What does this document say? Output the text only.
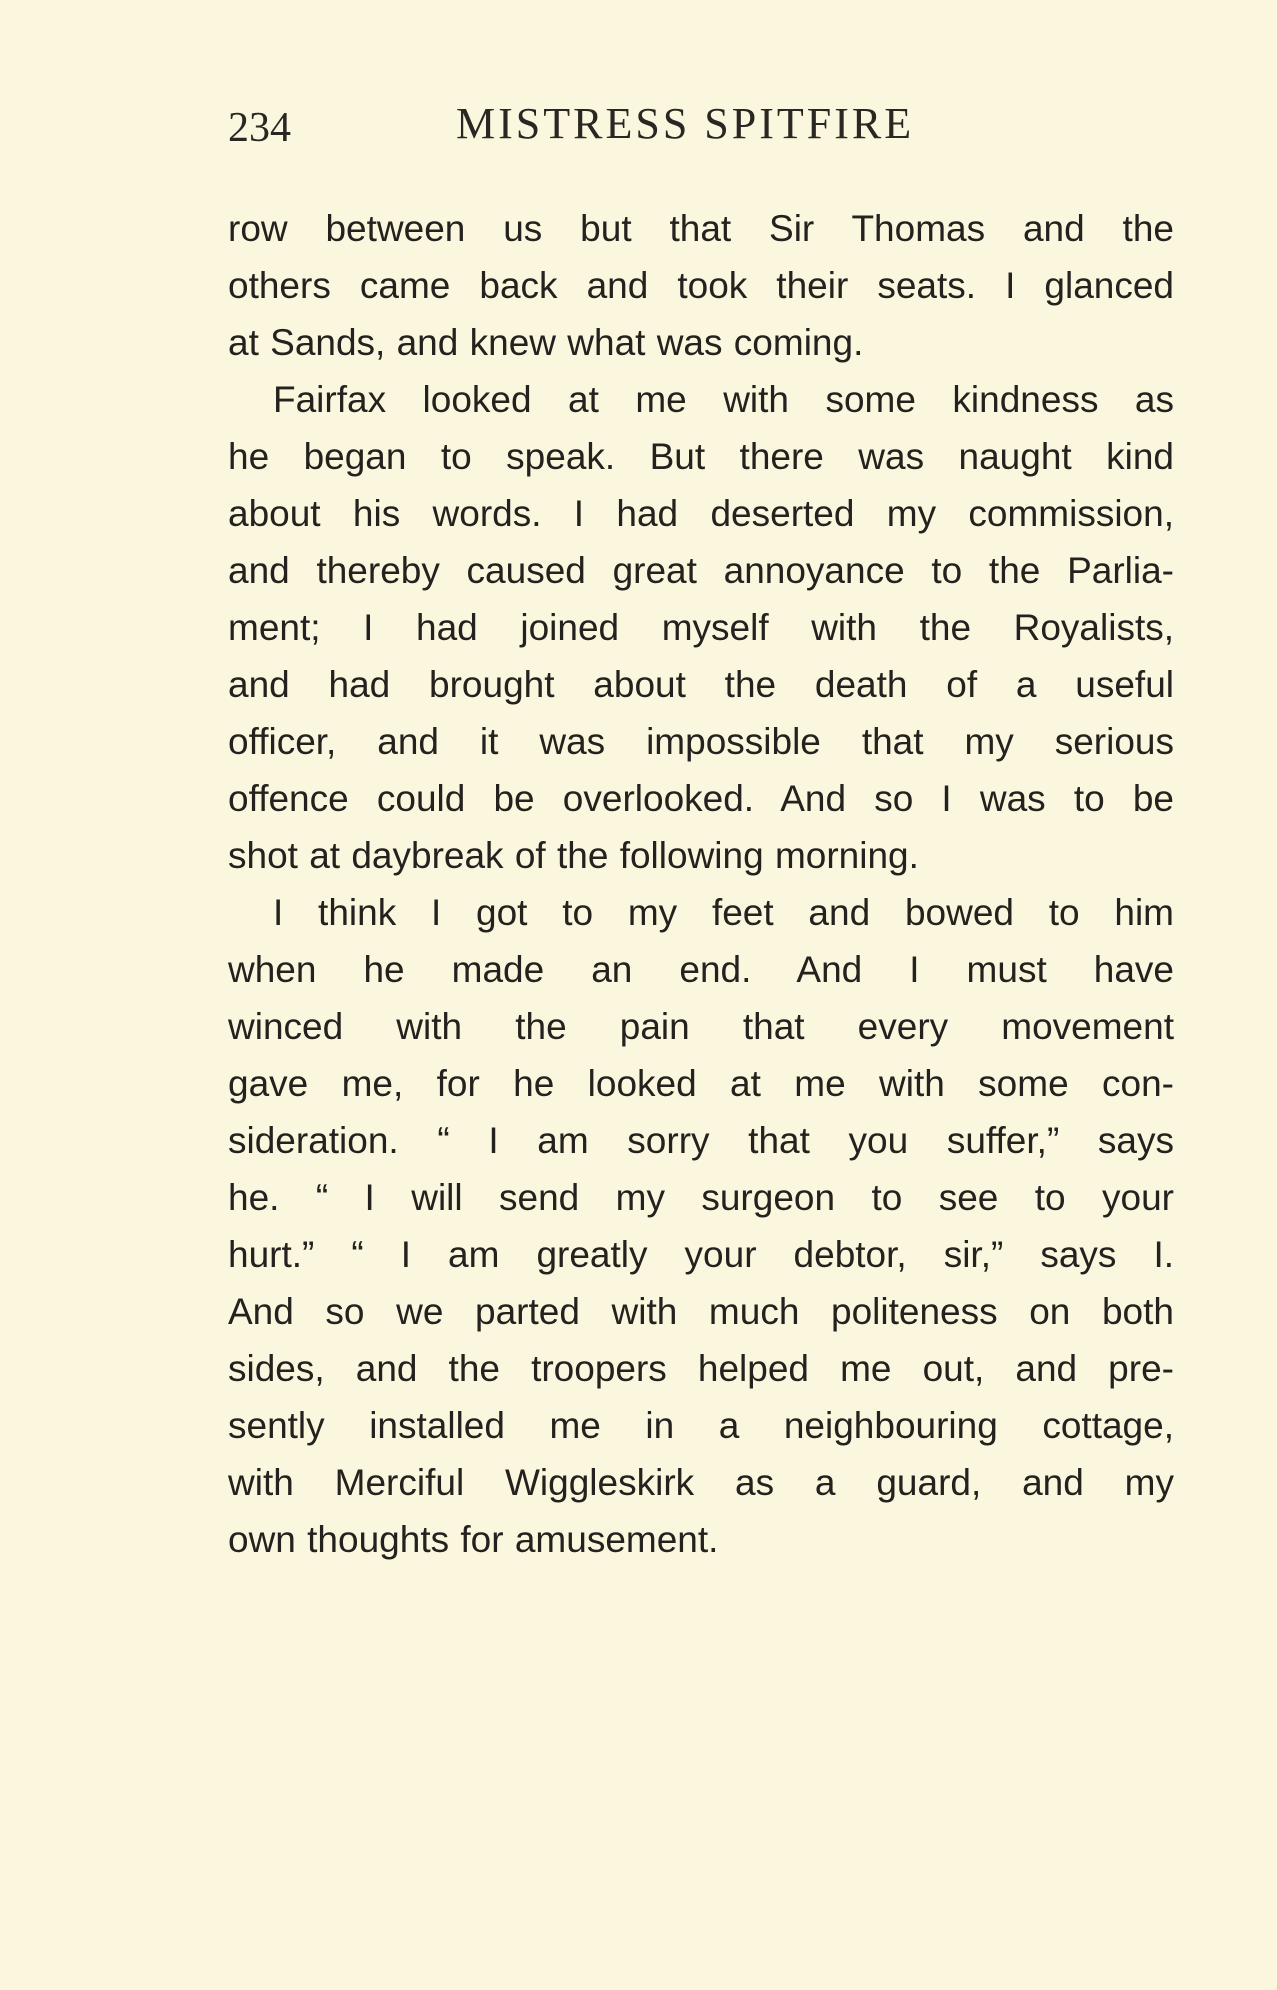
234	MISTRESS SPITFIRE
row between us but that Sir Thomas and the
others came back and took their seats. I glanced
at Sands, and knew what was coming.
Fairfax looked at me with some kindness as
he began to speak. But there was naught kind
about his words. I had deserted my commission,
and thereby caused great annoyance to the Parlia-
ment; I had joined myself with the Royalists,
and had brought about the death of a useful
officer, and it was impossible that my serious
offence could be overlooked. And so I was to be
shot at daybreak of the following morning.
I think I got to my feet and bowed to him
when he made an end. And I must have
winced with the pain that every movement
gave me, for he looked at me with some con-
sideration. “ I am sorry that you suffer,” says
he. “ I will send my surgeon to see to your
hurt.” “ I am greatly your debtor, sir,” says I.
And so we parted with much politeness on both
sides, and the troopers helped me out, and pre-
sently installed me in a neighbouring cottage,
with Merciful Wiggleskirk as a guard, and my
own thoughts for amusement.
